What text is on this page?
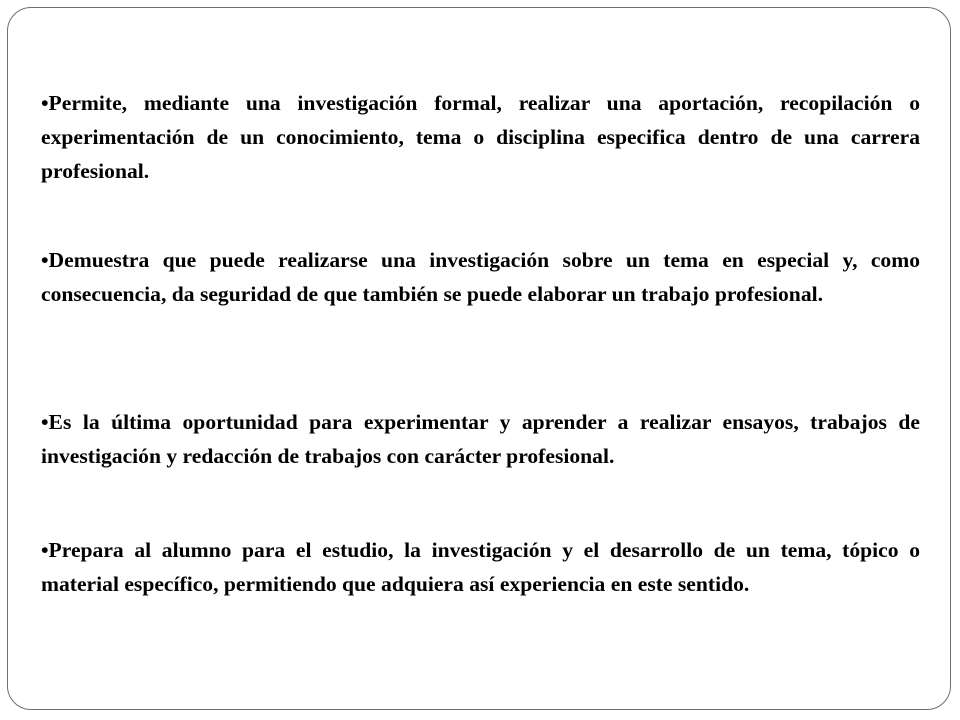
•Permite, mediante una investigación formal, realizar una aportación, recopilación o experimentación de un conocimiento, tema o disciplina especifica dentro de una carrera profesional.
•Demuestra que puede realizarse una investigación sobre un tema en especial y, como consecuencia, da seguridad de que también se puede elaborar un trabajo profesional.
•Es la última oportunidad para experimentar y aprender a realizar ensayos, trabajos de investigación y redacción de trabajos con carácter profesional.
•Prepara al alumno para el estudio, la investigación y el desarrollo de un tema, tópico o material específico, permitiendo que adquiera así experiencia en este sentido.
